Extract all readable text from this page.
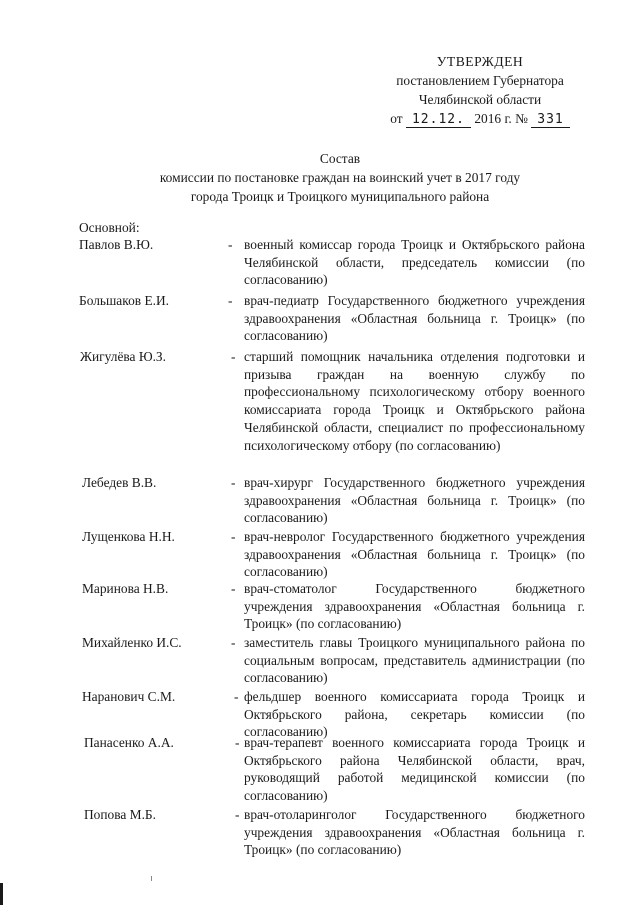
УТВЕРЖДЕН
постановлением Губернатора
Челябинской области
от 12.12. 2016 г. № 331
Состав
комиссии по постановке граждан на воинский учет в 2017 году
города Троицк и Троицкого муниципального района
Основной:
Павлов В.Ю.	- военный комиссар города Троицк и Октябрьского района Челябинской области, председатель комиссии (по согласованию)
Большаков Е.И.	- врач-педиатр Государственного бюджетного учреждения здравоохранения «Областная больница г. Троицк» (по согласованию)
Жигулёва Ю.З.	- старший помощник начальника отделения подготовки и призыва граждан на военную службу по профессиональному психологическому отбору военного комиссариата города Троицк и Октябрьского района Челябинской области, специалист по профессиональному психологическому отбору (по согласованию)
Лебедев В.В.	- врач-хирург Государственного бюджетного учреждения здравоохранения «Областная больница г. Троицк» (по согласованию)
Лущенкова Н.Н.	- врач-невролог Государственного бюджетного учреждения здравоохранения «Областная больница г. Троицк» (по согласованию)
Маринова Н.В.	- врач-стоматолог Государственного бюджетного учреждения здравоохранения «Областная больница г. Троицк» (по согласованию)
Михайленко И.С.	- заместитель главы Троицкого муниципального района по социальным вопросам, представитель администрации (по согласованию)
Наранович С.М.	- фельдшер военного комиссариата города Троицк и Октябрьского района, секретарь комиссии (по согласованию)
Панасенко А.А.	- врач-терапевт военного комиссариата города Троицк и Октябрьского района Челябинской области, врач, руководящий работой медицинской комиссии (по согласованию)
Попова М.Б.	- врач-отоларинголог Государственного бюджетного учреждения здравоохранения «Областная больница г. Троицк» (по согласованию)
